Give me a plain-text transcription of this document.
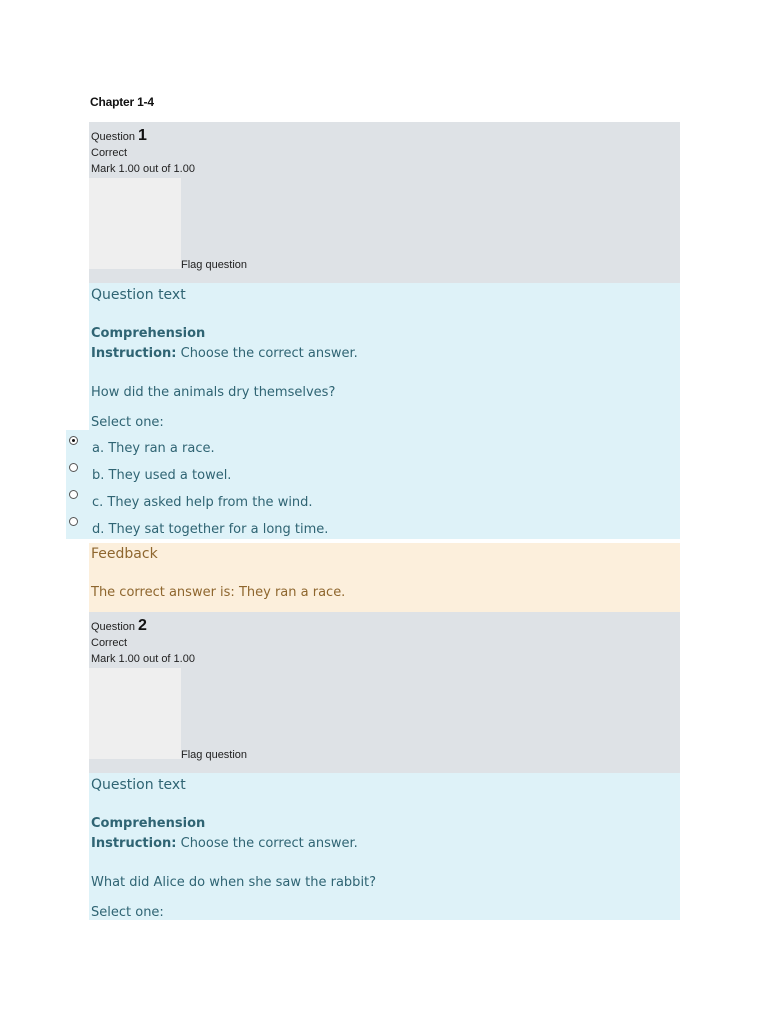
Chapter 1-4
Question 1
Correct
Mark 1.00 out of 1.00
Flag question
Question text
Comprehension
Instruction: Choose the correct answer.
How did the animals dry themselves?
Select one:
a. They ran a race.
b. They used a towel.
c. They asked help from the wind.
d. They sat together for a long time.
Feedback
The correct answer is: They ran a race.
Question 2
Correct
Mark 1.00 out of 1.00
Flag question
Question text
Comprehension
Instruction: Choose the correct answer.
What did Alice do when she saw the rabbit?
Select one:
